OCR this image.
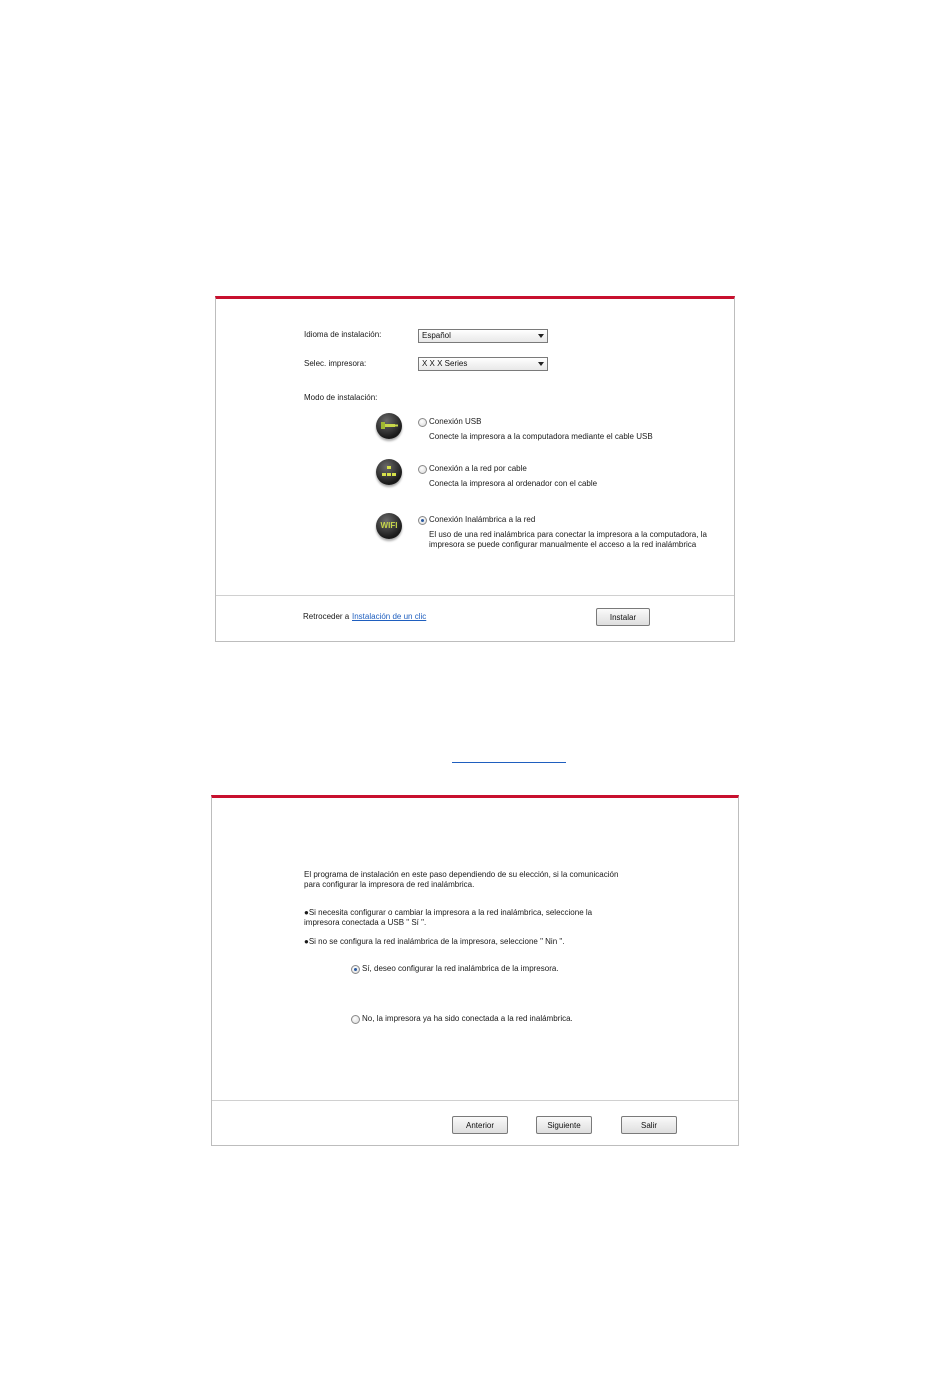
Idioma de instalación:	Español
Selec. impresora:	X X X Series
Modo de instalación:
Conexión USB
Conecte la impresora a la computadora mediante el cable USB
Conexión a la red por cable
Conecta la impresora al ordenador con el cable
WIFI
Conexión Inalámbrica a la red
El uso de una red inalámbrica para conectar la impresora a la computadora, la
impresora se puede configurar manualmente el acceso a la red inalámbrica
Retroceder a Instalación de un clic	Instalar
El programa de instalación en este paso dependiendo de su elección, si la comunicación
para configurar la impresora de red inalámbrica.
●Si necesita configurar o cambiar la impresora a la red inalámbrica, seleccione la
impresora conectada a USB " Sí ".
●Si no se configura la red inalámbrica de la impresora, seleccione " Nin ".
Sí, deseo configurar la red inalámbrica de la impresora.
No, la impresora ya ha sido conectada a la red inalámbrica.
Anterior	Siguiente	Salir
